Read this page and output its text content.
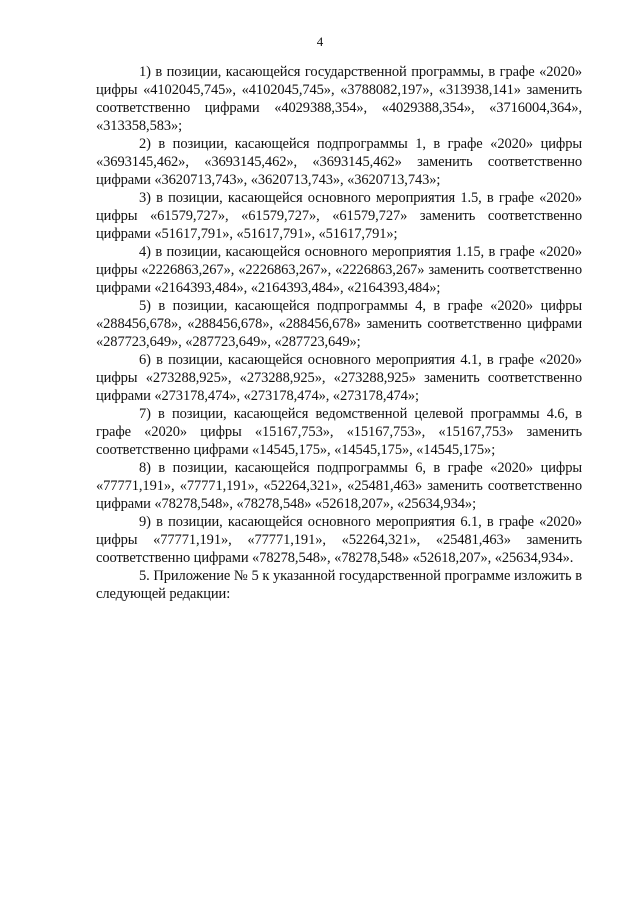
4

1) в позиции, касающейся государственной программы, в графе «2020» цифры «4102045,745», «4102045,745», «3788082,197», «313938,141» заменить соответственно цифрами «4029388,354», «4029388,354», «3716004,364», «313358,583»;

2) в позиции, касающейся подпрограммы 1, в графе «2020» цифры «3693145,462», «3693145,462», «3693145,462» заменить соответственно цифрами «3620713,743», «3620713,743», «3620713,743»;

3) в позиции, касающейся основного мероприятия 1.5, в графе «2020» цифры «61579,727», «61579,727», «61579,727» заменить соответственно цифрами «51617,791», «51617,791», «51617,791»;

4) в позиции, касающейся основного мероприятия 1.15, в графе «2020» цифры «2226863,267», «2226863,267», «2226863,267» заменить соответственно цифрами «2164393,484», «2164393,484», «2164393,484»;

5) в позиции, касающейся подпрограммы 4, в графе «2020» цифры «288456,678», «288456,678», «288456,678» заменить соответственно цифрами «287723,649», «287723,649», «287723,649»;

6) в позиции, касающейся основного мероприятия 4.1, в графе «2020» цифры «273288,925», «273288,925», «273288,925» заменить соответственно цифрами «273178,474», «273178,474», «273178,474»;

7) в позиции, касающейся ведомственной целевой программы 4.6, в графе «2020» цифры «15167,753», «15167,753», «15167,753» заменить соответственно цифрами «14545,175», «14545,175», «14545,175»;

8) в позиции, касающейся подпрограммы 6, в графе «2020» цифры «77771,191», «77771,191», «52264,321», «25481,463» заменить соответственно цифрами «78278,548», «78278,548» «52618,207», «25634,934»;

9) в позиции, касающейся основного мероприятия 6.1, в графе «2020» цифры «77771,191», «77771,191», «52264,321», «25481,463» заменить соответственно цифрами «78278,548», «78278,548» «52618,207», «25634,934».

5. Приложение № 5 к указанной государственной программе изложить в следующей редакции:
